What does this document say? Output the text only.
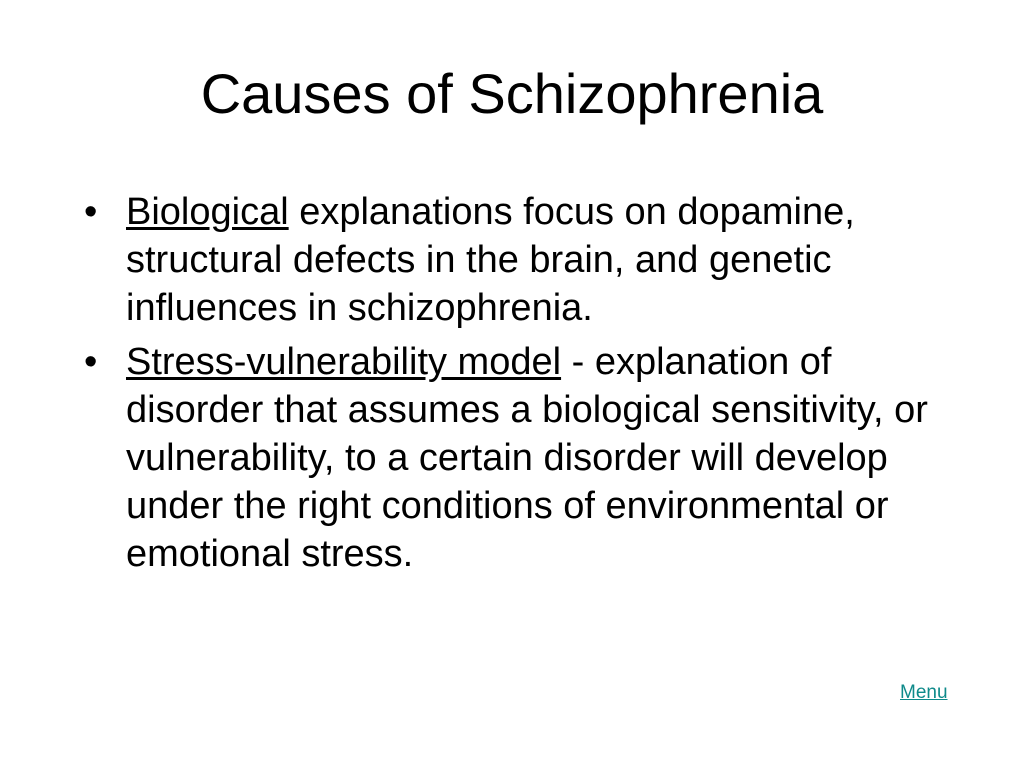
Causes of Schizophrenia
• Biological explanations focus on dopamine, structural defects in the brain, and genetic influences in schizophrenia.
• Stress-vulnerability model - explanation of disorder that assumes a biological sensitivity, or vulnerability, to a certain disorder will develop under the right conditions of environmental or emotional stress.
Menu
